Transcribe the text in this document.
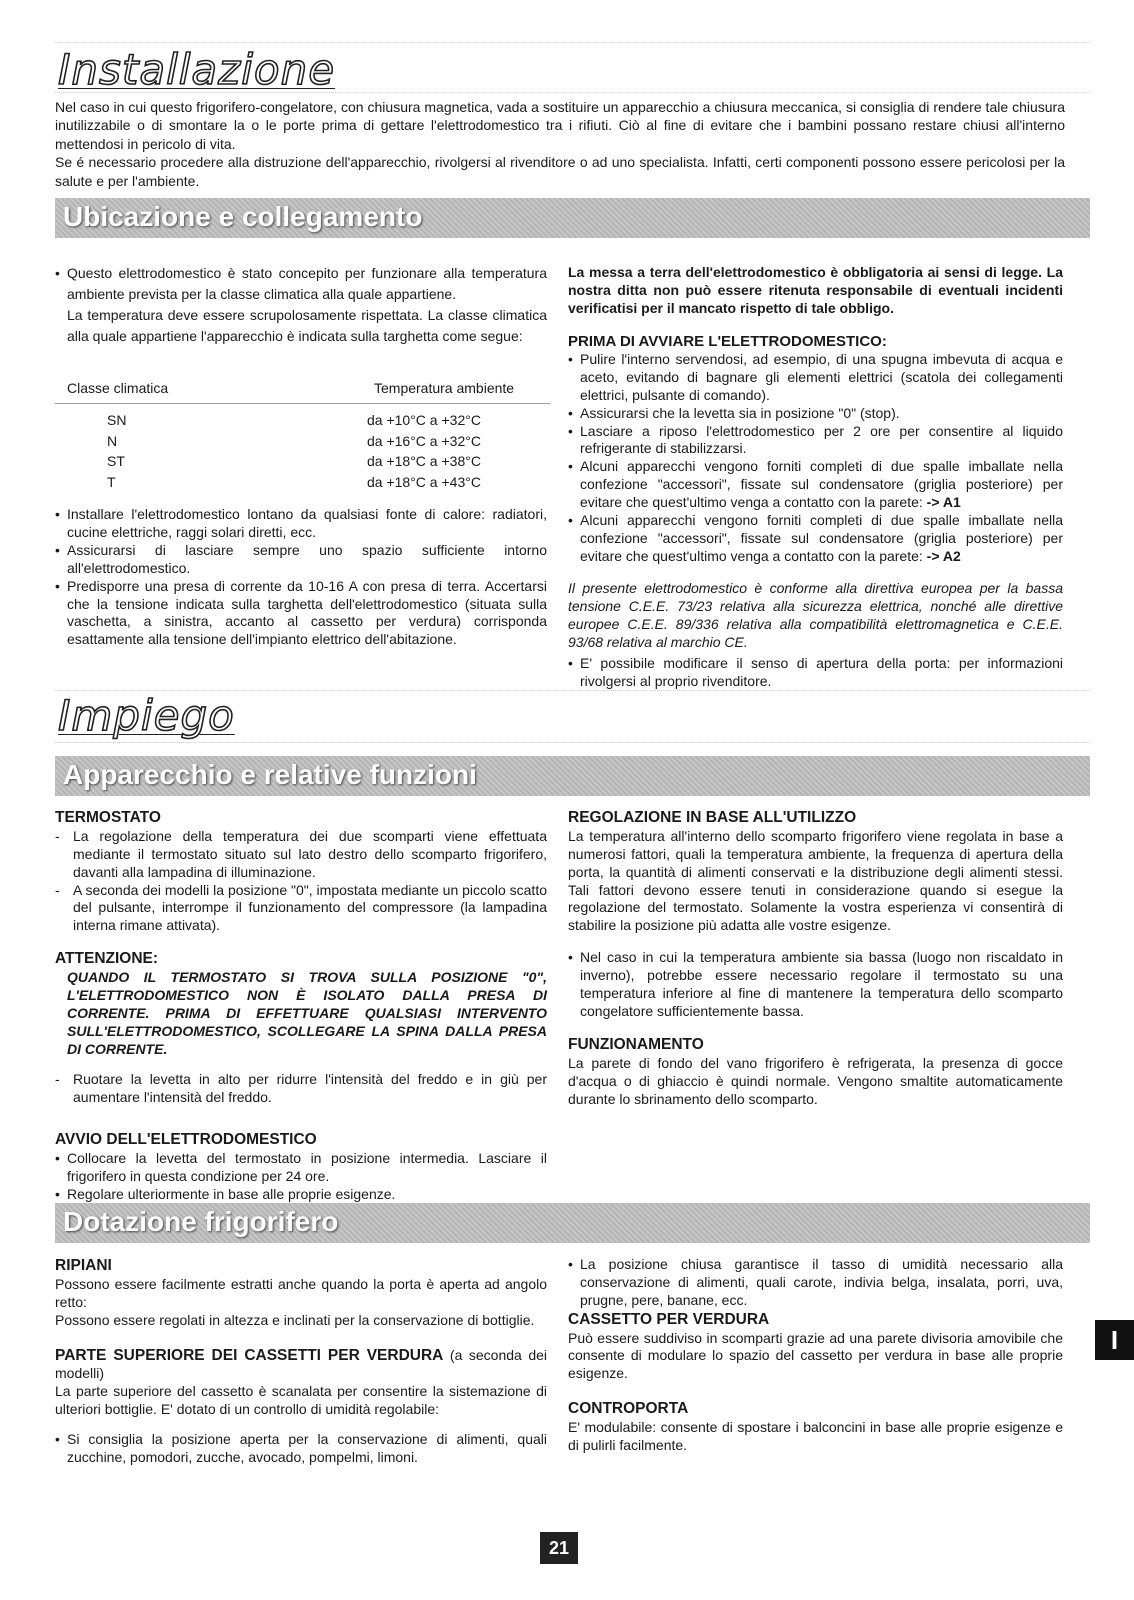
Installazione

Nel caso in cui questo frigorifero-congelatore, con chiusura magnetica, vada a sostituire un apparecchio a chiusura meccanica, si consiglia di rendere tale chiusura inutilizzabile o di smontare la o le porte prima di gettare l'elettrodomestico tra i rifiuti. Ciò al fine di evitare che i bambini possano restare chiusi all'interno mettendosi in pericolo di vita.

Se é necessario procedere alla distruzione dell'apparecchio, rivolgersi al rivenditore o ad uno specialista. Infatti, certi componenti possono essere pericolosi per la salute e per l'ambiente.

Ubicazione e collegamento
• Questo elettrodomestico è stato concepito per funzionare alla temperatura ambiente prevista per la classe climatica alla quale appartiene.
La temperatura deve essere scrupolosamente rispettata. La classe climatica alla quale appartiene l'apparecchio è indicata sulla targhetta come segue:
Classe climatica	Temperatura ambiente

SN	da +10°C a +32°C
N	da +16°C a +32°C
ST	da +18°C a +38°C
T	da +18°C a +43°C
• Installare l'elettrodomestico lontano da qualsiasi fonte di calore: radiatori, cucine elettriche, raggi solari diretti, ecc.
• Assicurarsi di lasciare sempre uno spazio sufficiente intorno all'elettrodomestico.
• Predisporre una presa di corrente da 10-16 A con presa di terra. Accertarsi che la tensione indicata sulla targhetta dell'elettrodomestico (situata sulla vaschetta, a sinistra, accanto al cassetto per verdura) corrisponda esattamente alla tensione dell'impianto elettrico dell'abitazione.

La messa a terra dell'elettrodomestico è obbligatoria ai sensi di legge. La nostra ditta non può essere ritenuta responsabile di eventuali incidenti verificatisi per il mancato rispetto di tale obbligo.

PRIMA DI AVVIARE L'ELETTRODOMESTICO:

• Pulire l'interno servendosi, ad esempio, di una spugna imbevuta di acqua e aceto, evitando di bagnare gli elementi elettrici (scatola dei collegamenti elettrici, pulsante di comando).
• Assicurarsi che la levetta sia in posizione "0" (stop).
• Lasciare a riposo l'elettrodomestico per 2 ore per consentire al liquido refrigerante di stabilizzarsi.
• Alcuni apparecchi vengono forniti completi di due spalle imballate nella confezione "accessori", fissate sul condensatore (griglia posteriore) per evitare che quest'ultimo venga a contatto con la parete: -> A1
• Alcuni apparecchi vengono forniti completi di due spalle imballate nella confezione "accessori", fissate sul condensatore (griglia posteriore) per evitare che quest'ultimo venga a contatto con la parete: -> A2

Il presente elettrodomestico è conforme alla direttiva europea per la bassa tensione C.E.E. 73/23 relativa alla sicurezza elettrica, nonché alle direttive europee C.E.E. 89/336 relativa alla compatibilità elettromagnetica e C.E.E. 93/68 relativa al marchio CE.

• E' possibile modificare il senso di apertura della porta: per informazioni rivolgersi al proprio rivenditore.
Impiego
Apparecchio e relative funzioni

TERMOSTATO

- La regolazione della temperatura dei due scomparti viene effettuata mediante il termostato situato sul lato destro dello scomparto frigorifero, davanti alla lampadina di illuminazione.
- A seconda dei modelli la posizione "0", impostata mediante un piccolo scatto del pulsante, interrompe il funzionamento del compressore (la lampadina interna rimane attivata).

ATTENZIONE:

QUANDO IL TERMOSTATO SI TROVA SULLA POSIZIONE "0", L'ELETTRODOMESTICO NON È ISOLATO DALLA PRESA DI CORRENTE. PRIMA DI EFFETTUARE QUALSIASI INTERVENTO SULL'ELETTRODOMESTICO, SCOLLEGARE LA SPINA DALLA PRESA DI CORRENTE.

- Ruotare la levetta in alto per ridurre l'intensità del freddo e in giù per aumentare l'intensità del freddo.

AVVIO DELL'ELETTRODOMESTICO

• Collocare la levetta del termostato in posizione intermedia. Lasciare il frigorifero in questa condizione per 24 ore.
• Regolare ulteriormente in base alle proprie esigenze.

REGOLAZIONE IN BASE ALL'UTILIZZO

La temperatura all'interno dello scomparto frigorifero viene regolata in base a numerosi fattori, quali la temperatura ambiente, la frequenza di apertura della porta, la quantità di alimenti conservati e la distribuzione degli alimenti stessi. Tali fattori devono essere tenuti in considerazione quando si esegue la regolazione del termostato. Solamente la vostra esperienza vi consentirà di stabilire la posizione più adatta alle vostre esigenze.

• Nel caso in cui la temperatura ambiente sia bassa (luogo non riscaldato in inverno), potrebbe essere necessario regolare il termostato su una temperatura inferiore al fine di mantenere la temperatura dello scomparto congelatore sufficientemente bassa.

FUNZIONAMENTO

La parete di fondo del vano frigorifero è refrigerata, la presenza di gocce d'acqua o di ghiaccio è quindi normale. Vengono smaltite automaticamente durante lo sbrinamento dello scomparto.

Dotazione frigorifero

RIPIANI

Possono essere facilmente estratti anche quando la porta è aperta ad angolo retto:

Possono essere regolati in altezza e inclinati per la conservazione di bottiglie.

PARTE SUPERIORE DEI CASSETTI PER VERDURA (a seconda dei modelli)

La parte superiore del cassetto è scanalata per consentire la sistemazione di ulteriori bottiglie. E' dotato di un controllo di umidità regolabile:

• Si consiglia la posizione aperta per la conservazione di alimenti, quali zucchine, pomodori, zucche, avocado, pompelmi, limoni.
• La posizione chiusa garantisce il tasso di umidità necessario alla conservazione di alimenti, quali carote, indivia belga, insalata, porri, uva, prugne, pere, banane, ecc.

CASSETTO PER VERDURA

Può essere suddiviso in scomparti grazie ad una parete divisoria amovibile che consente di modulare lo spazio del cassetto per verdura in base alle proprie esigenze.

CONTROPORTA

E' modulabile: consente di spostare i balconcini in base alle proprie esigenze e di pulirli facilmente.

21
I
